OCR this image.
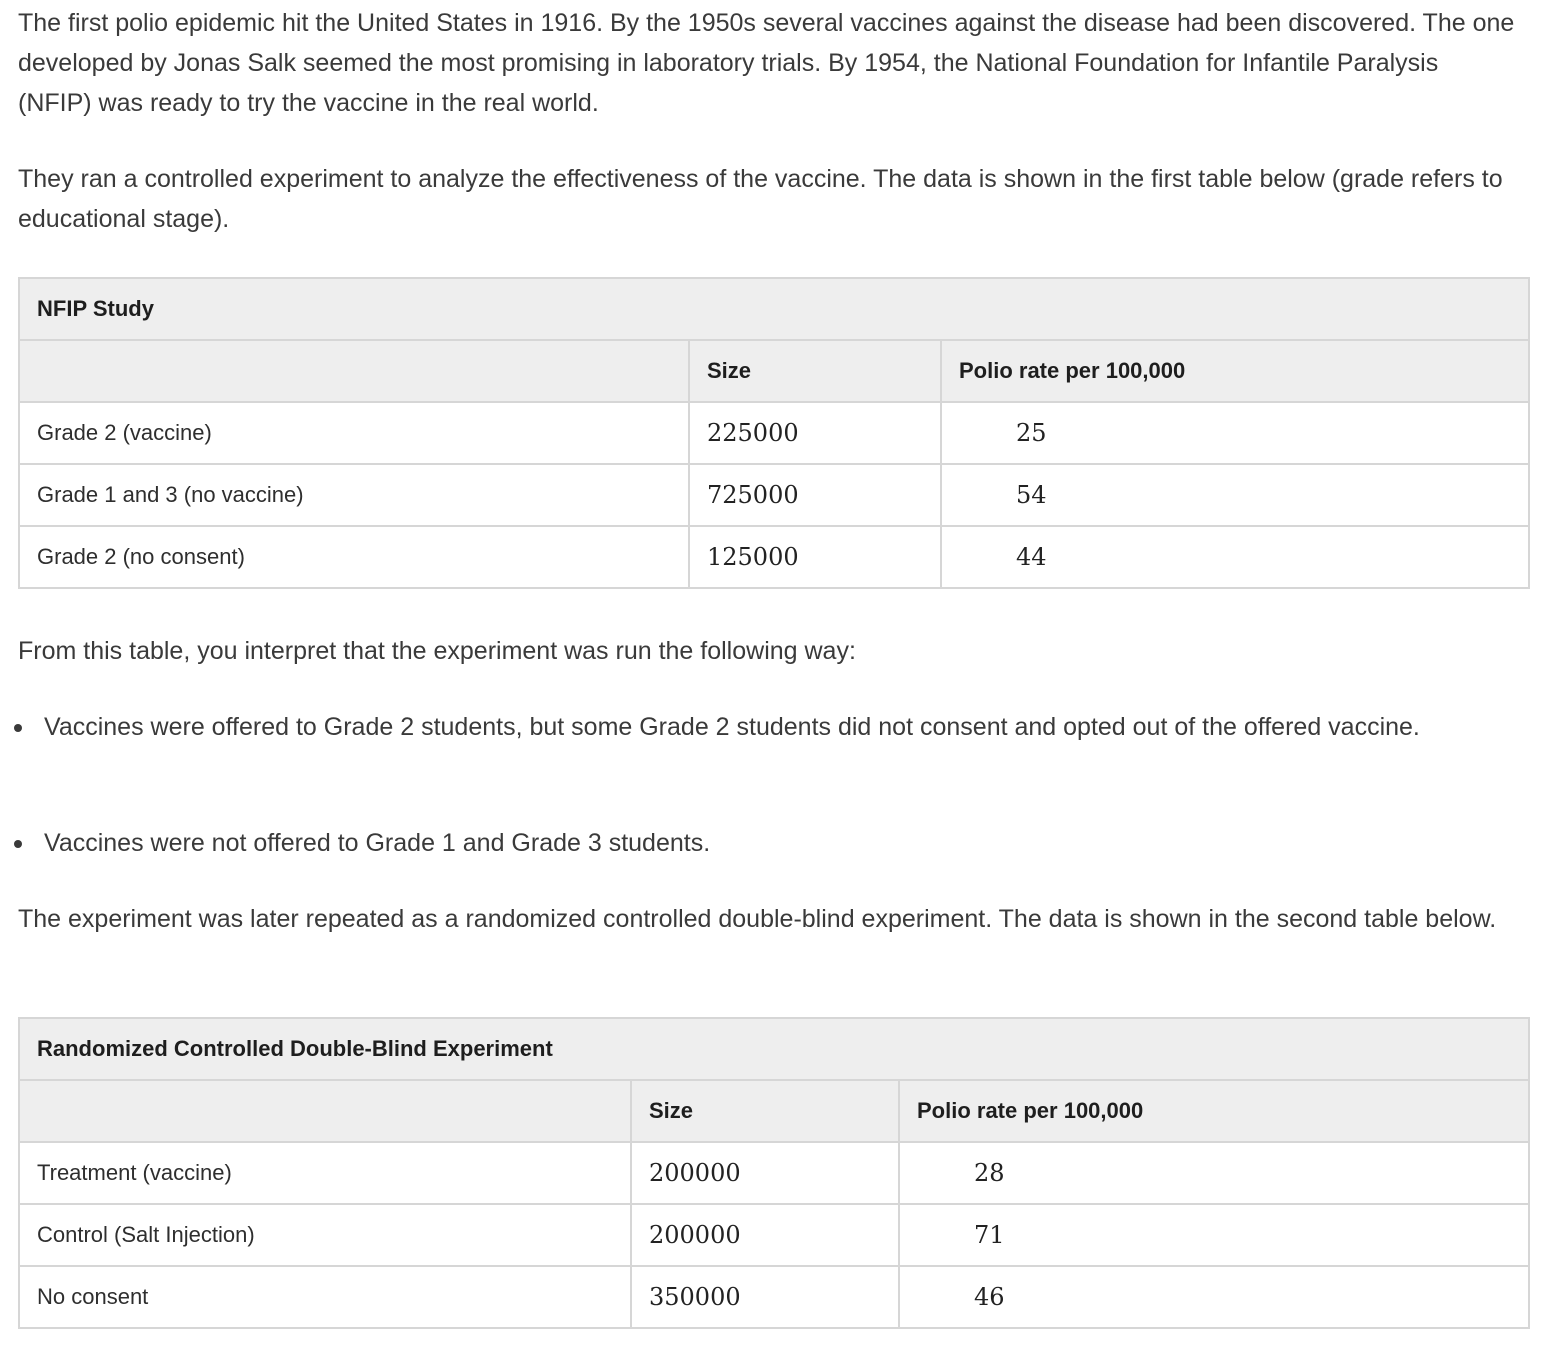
The first polio epidemic hit the United States in 1916. By the 1950s several vaccines against the disease had been discovered. The one developed by Jonas Salk seemed the most promising in laboratory trials. By 1954, the National Foundation for Infantile Paralysis (NFIP) was ready to try the vaccine in the real world.

They ran a controlled experiment to analyze the effectiveness of the vaccine. The data is shown in the first table below (grade refers to educational stage).

NFIP Study		
	Size	Polio rate per 100,000
Grade 2 (vaccine)	225000	25
Grade 1 and 3 (no vaccine)	725000	54
Grade 2 (no consent)	125000	44

From this table, you interpret that the experiment was run the following way:

Vaccines were offered to Grade 2 students, but some Grade 2 students did not consent and opted out of the offered vaccine.
Vaccines were not offered to Grade 1 and Grade 3 students.

The experiment was later repeated as a randomized controlled double-blind experiment. The data is shown in the second table below.

Randomized Controlled Double-Blind Experiment		
	Size	Polio rate per 100,000
Treatment (vaccine)	200000	28
Control (Salt Injection)	200000	71
No consent	350000	46
